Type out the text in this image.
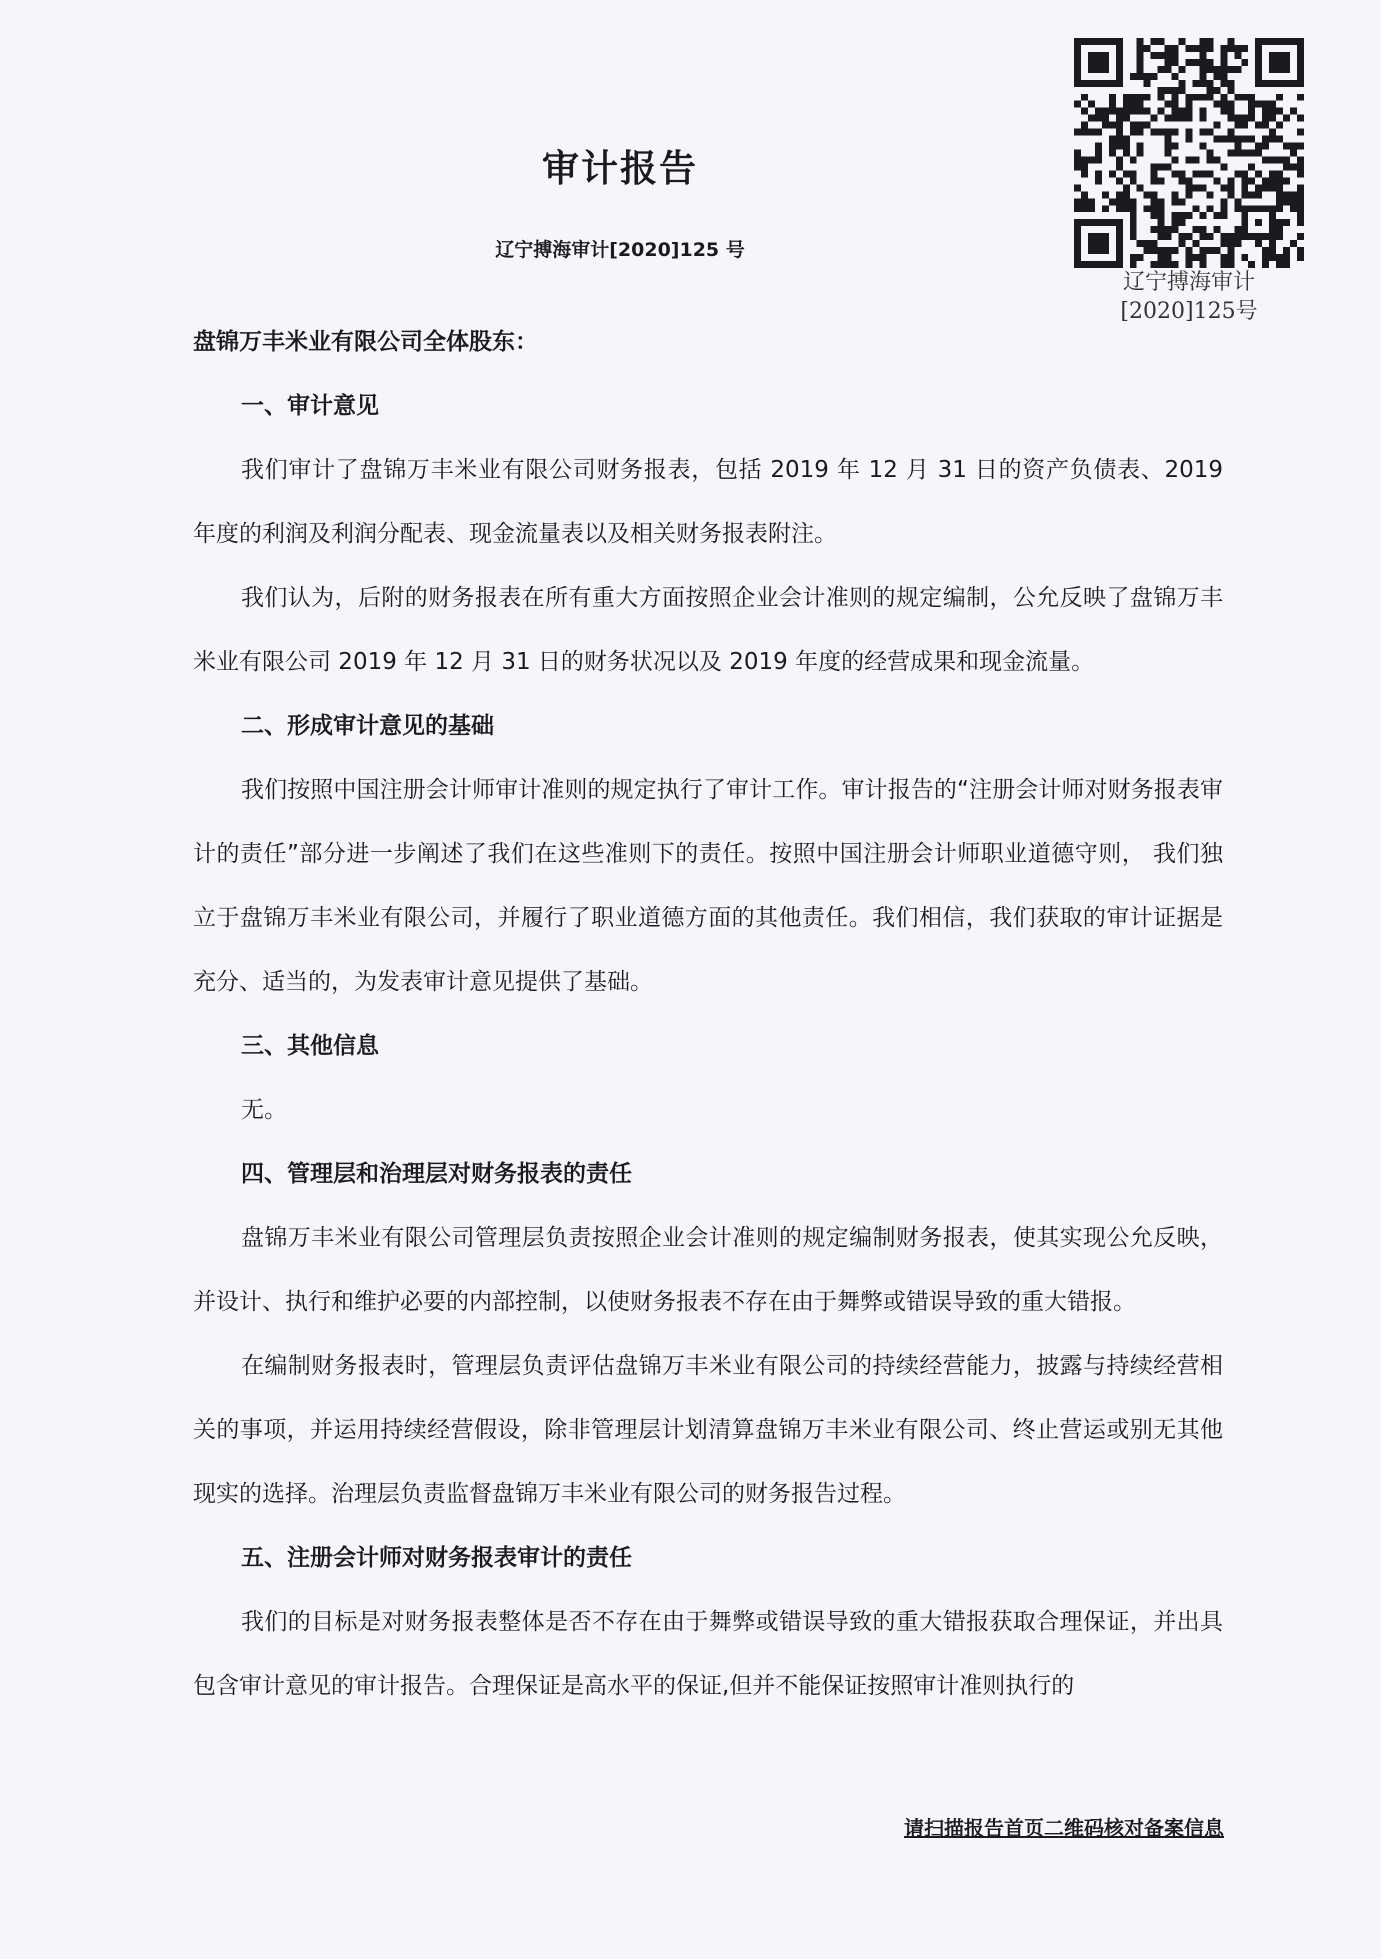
审计报告
辽宁搏海审计[2020]125 号
辽宁搏海审计
[2020]125号

盘锦万丰米业有限公司全体股东：

一、审计意见

我们审计了盘锦万丰米业有限公司财务报表，包括 2019 年 12 月 31 日的资产负债表、2019 年度的利润及利润分配表、现金流量表以及相关财务报表附注。

我们认为，后附的财务报表在所有重大方面按照企业会计准则的规定编制，公允反映了盘锦万丰米业有限公司 2019 年 12 月 31 日的财务状况以及 2019 年度的经营成果和现金流量。

二、形成审计意见的基础

我们按照中国注册会计师审计准则的规定执行了审计工作。审计报告的“注册会计师对财务报表审计的责任”部分进一步阐述了我们在这些准则下的责任。按照中国注册会计师职业道德守则， 我们独立于盘锦万丰米业有限公司，并履行了职业道德方面的其他责任。我们相信，我们获取的审计证据是充分、适当的，为发表审计意见提供了基础。

三、其他信息

无。

四、管理层和治理层对财务报表的责任

盘锦万丰米业有限公司管理层负责按照企业会计准则的规定编制财务报表，使其实现公允反映，并设计、执行和维护必要的内部控制，以使财务报表不存在由于舞弊或错误导致的重大错报。

在编制财务报表时，管理层负责评估盘锦万丰米业有限公司的持续经营能力，披露与持续经营相关的事项，并运用持续经营假设，除非管理层计划清算盘锦万丰米业有限公司、终止营运或别无其他现实的选择。治理层负责监督盘锦万丰米业有限公司的财务报告过程。

五、注册会计师对财务报表审计的责任

我们的目标是对财务报表整体是否不存在由于舞弊或错误导致的重大错报获取合理保证，并出具包含审计意见的审计报告。合理保证是高水平的保证,但并不能保证按照审计准则执行的

请扫描报告首页二维码核对备案信息
